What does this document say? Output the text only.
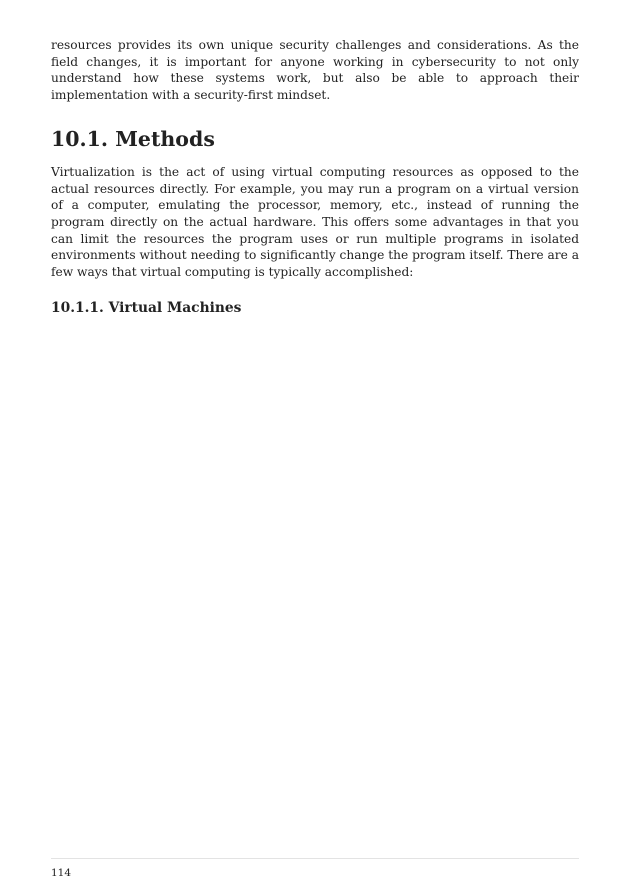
resources provides its own unique security challenges and considerations. As the field changes, it is important for anyone working in cybersecurity to not only understand how these systems work, but also be able to approach their implementation with a security-first mindset.

10.1. Methods

Virtualization is the act of using virtual computing resources as opposed to the actual resources directly. For example, you may run a program on a virtual version of a computer, emulating the processor, memory, etc., instead of running the program directly on the actual hardware. This offers some advantages in that you can limit the resources the program uses or run multiple programs in isolated environments without needing to significantly change the program itself. There are a few ways that virtual computing is typically accomplished:

10.1.1. Virtual Machines
114
